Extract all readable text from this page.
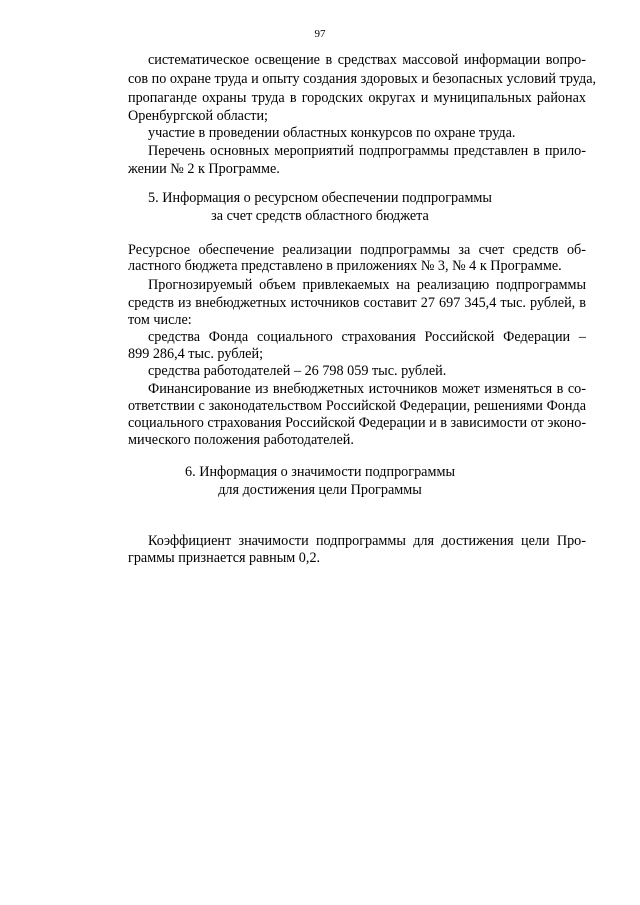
97
систематическое освещение в средствах массовой информации вопро-
сов по охране труда и опыту создания здоровых и безопасных условий труда,
пропаганде охраны труда в городских округах и муниципальных районах
Оренбургской области;
участие в проведении областных конкурсов по охране труда.
Перечень основных мероприятий подпрограммы представлен в прило-
жении № 2 к Программе.
5. Информация о ресурсном обеспечении подпрограммы
за счет средств областного бюджета
Ресурсное обеспечение реализации подпрограммы за счет средств об-
ластного бюджета представлено в приложениях № 3, № 4 к Программе.
Прогнозируемый объем привлекаемых на реализацию подпрограммы
средств из внебюджетных источников составит 27 697 345,4 тыс. рублей, в
том числе:
средства Фонда социального страхования Российской Федерации –
899 286,4 тыс. рублей;
средства работодателей – 26 798 059 тыс. рублей.
Финансирование из внебюджетных источников может изменяться в со-
ответствии с законодательством Российской Федерации, решениями Фонда
социального страхования Российской Федерации и в зависимости от эконо-
мического положения работодателей.
6. Информация о значимости подпрограммы
для достижения цели Программы
Коэффициент значимости подпрограммы для достижения цели Про-
граммы признается равным 0,2.
